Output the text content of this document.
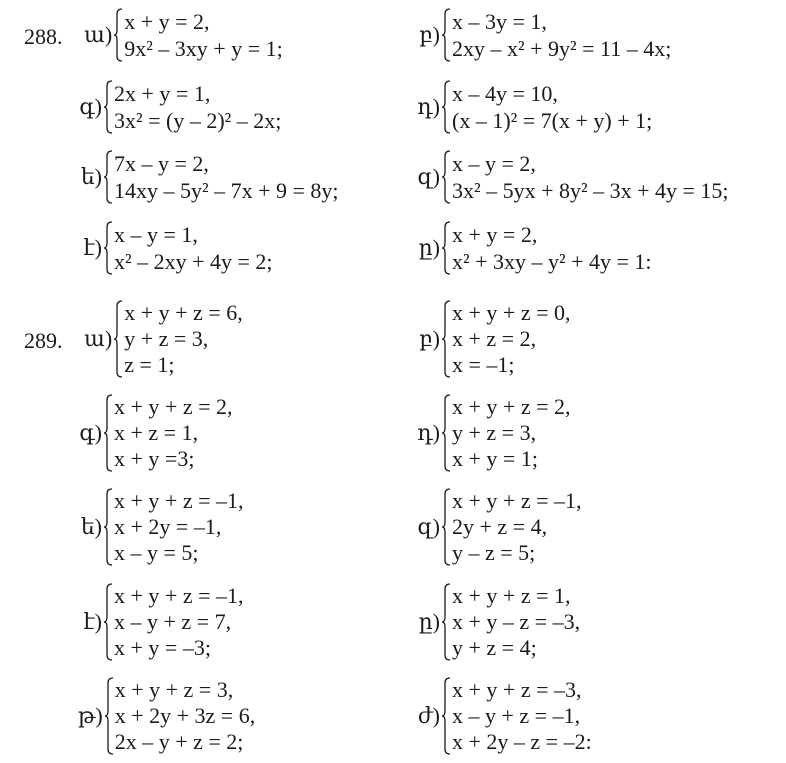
288. ա)
x + y = 2,
9x² – 3xy + y = 1;
բ)
x – 3y = 1,
2xy – x² + 9y² = 11 – 4x;
գ)
2x + y = 1,
3x² = (y – 2)² – 2x;
դ)
x – 4y = 10,
(x – 1)² = 7(x + y) + 1;
ե)
7x – y = 2,
14xy – 5y² – 7x + 9 = 8y;
զ)
x – y = 2,
3x² – 5yx + 8y² – 3x + 4y = 15;
է)
x – y = 1,
x² – 2xy + 4y = 2;
ը)
x + y = 2,
x² + 3xy – y² + 4y = 1:
289. ա)
x + y + z = 6,
y + z = 3,
z = 1;
բ)
x + y + z = 0,
x + z = 2,
x = –1;
գ)
x + y + z = 2,
x + z = 1,
x + y =3;
դ)
x + y + z = 2,
y + z = 3,
x + y = 1;
ե)
x + y + z = –1,
x + 2y = –1,
x – y = 5;
զ)
x + y + z = –1,
2y + z = 4,
y – z = 5;
է)
x + y + z = –1,
x – y + z = 7,
x + y = –3;
ը)
x + y + z = 1,
x + y – z = –3,
y + z = 4;
թ)
x + y + z = 3,
x + 2y + 3z = 6,
2x – y + z = 2;
ժ)
x + y + z = –3,
x – y + z = –1,
x + 2y – z = –2:
